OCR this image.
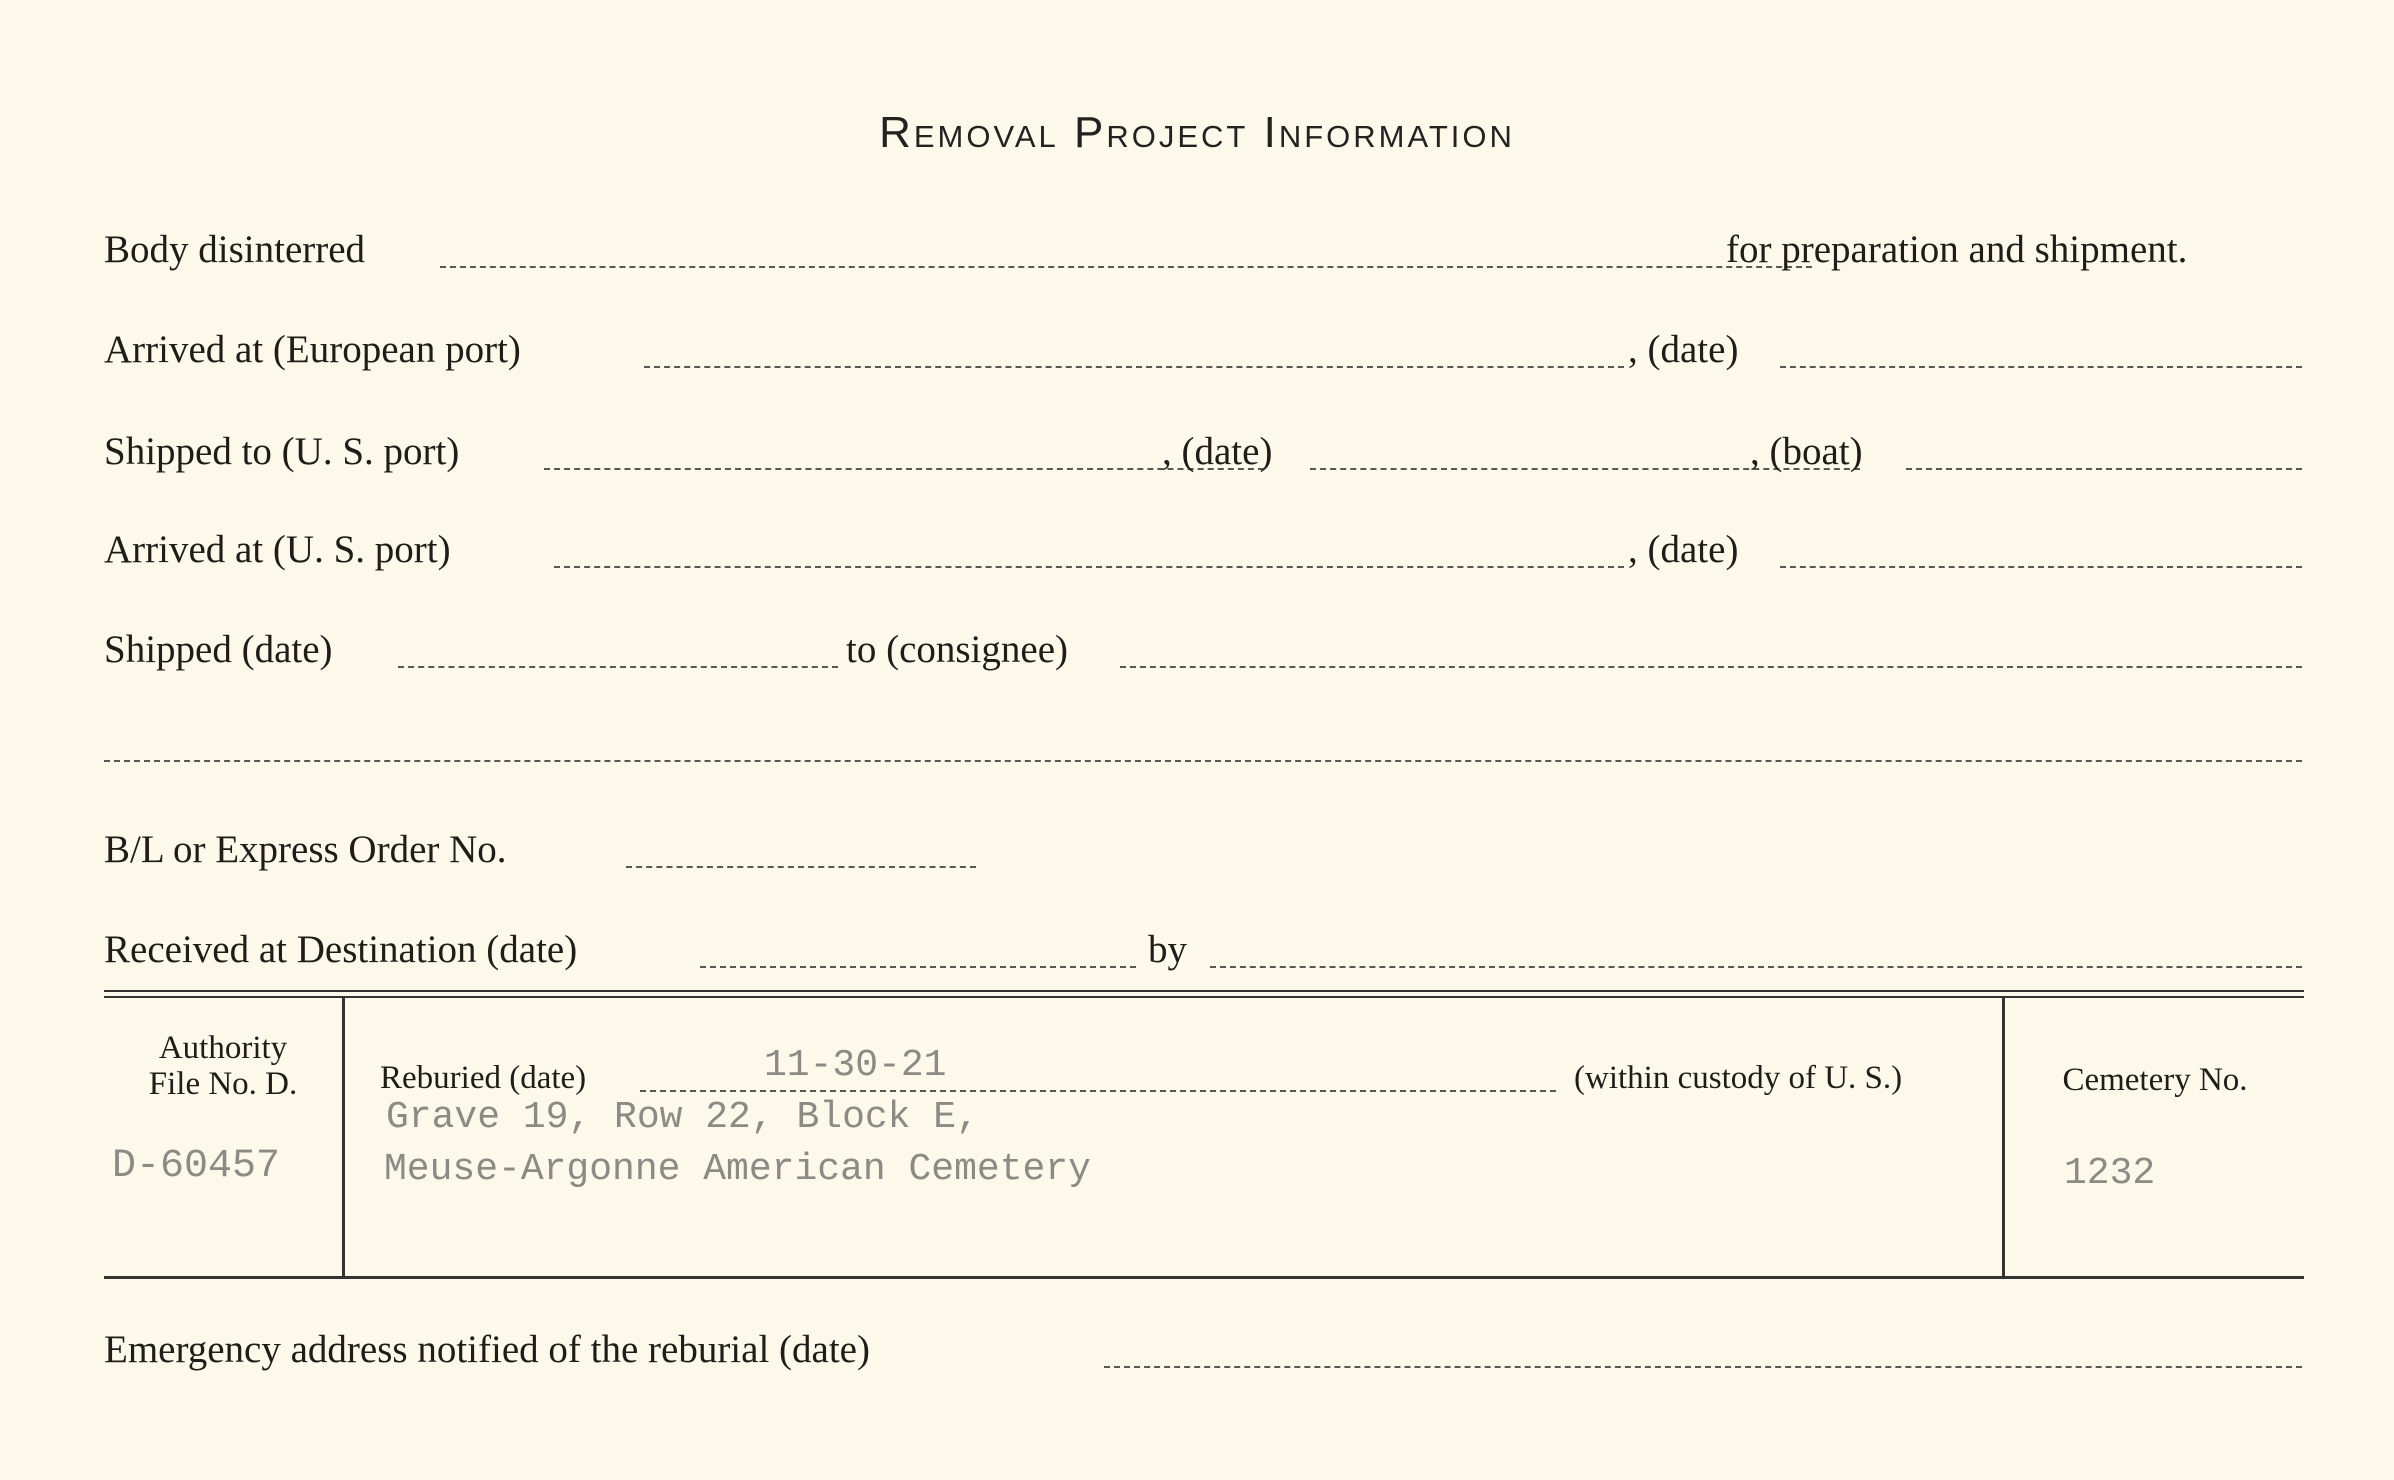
Removal Project Information
Body disinterred	for preparation and shipment.
Arrived at (European port)	, (date)
Shipped to (U. S. port)	, (date)	, (boat)
Arrived at (U. S. port)	, (date)
Shipped (date)	to (consignee)
B/L or Express Order No.
Received at Destination (date)	by
Authority
File No. D.
D-60457
Reburied (date)	11-30-21	(within custody of U. S.)
Grave 19, Row 22, Block E,
Meuse-Argonne American Cemetery
Cemetery No.
1232
Emergency address notified of the reburial (date)
